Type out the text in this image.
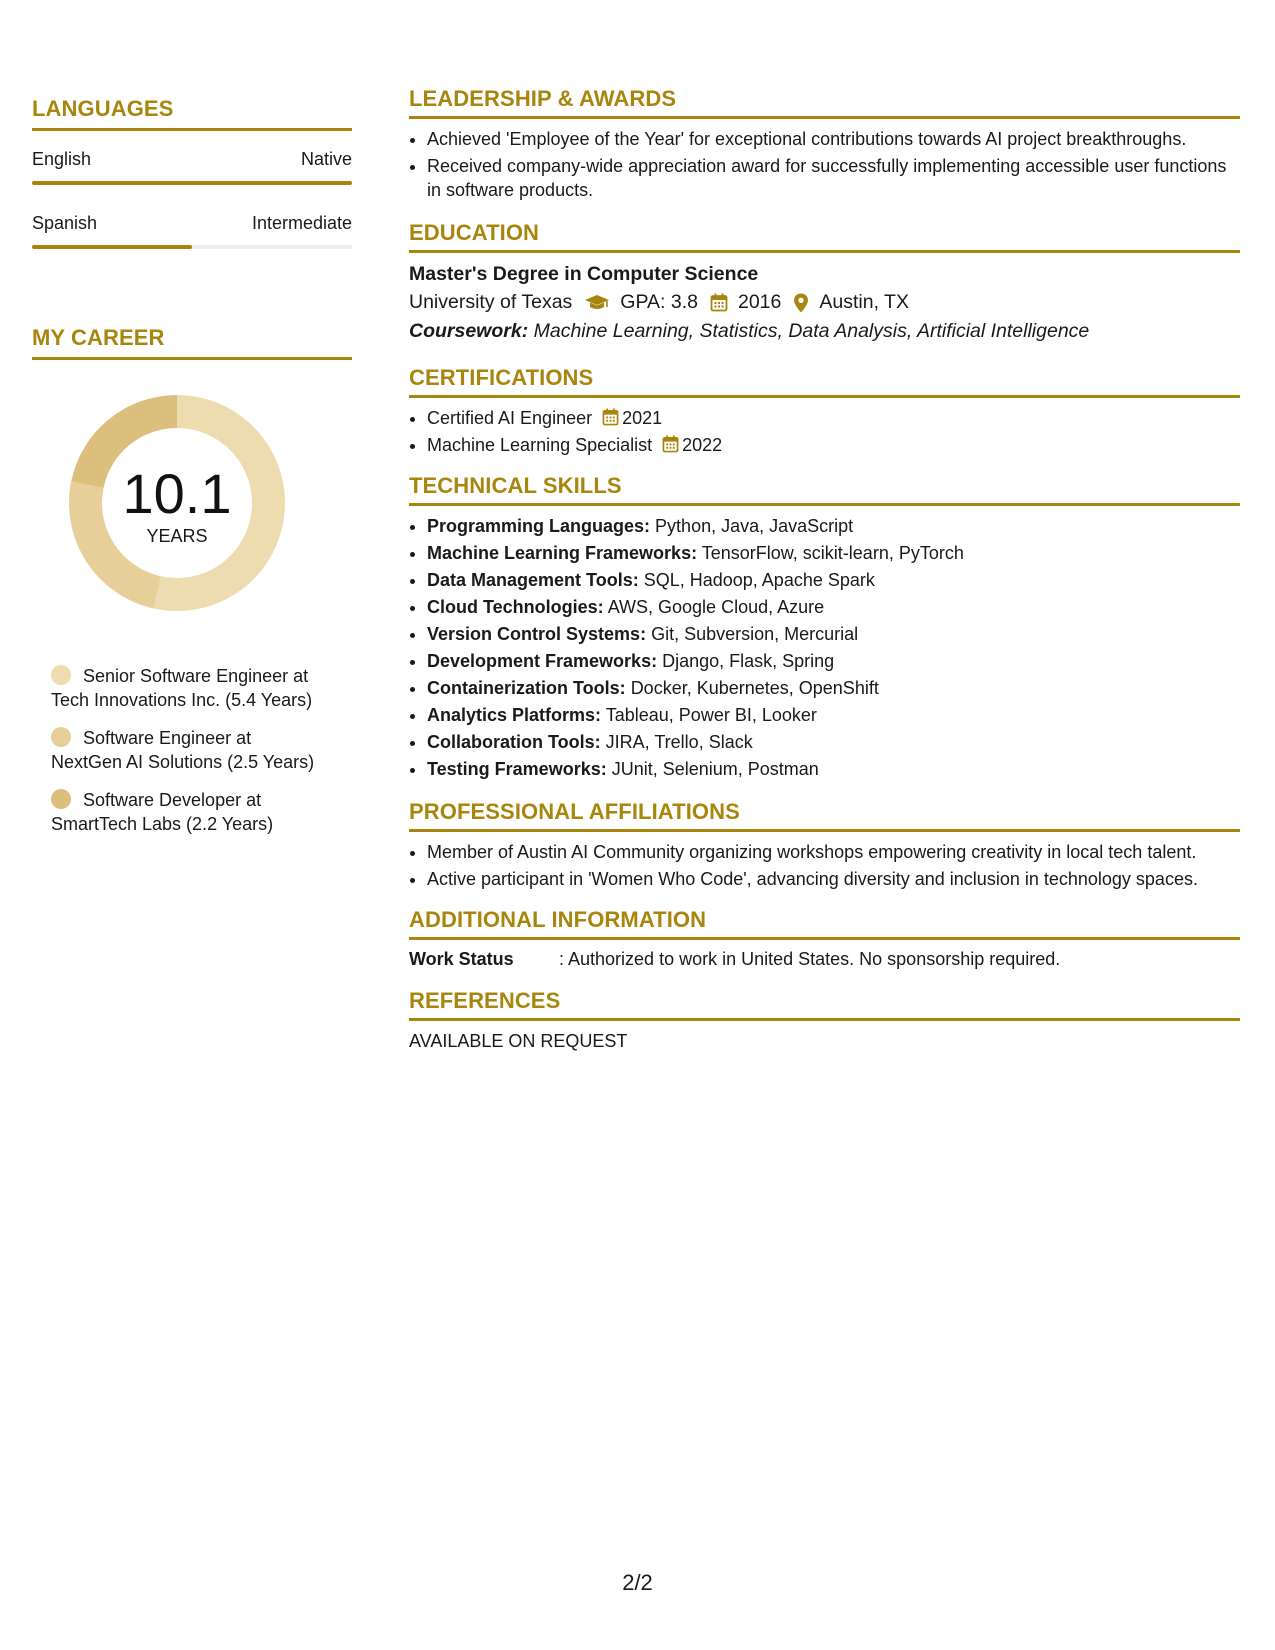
LANGUAGES
English	Native
Spanish	Intermediate
MY CAREER
10.1
YEARS
Senior Software Engineer at
Tech Innovations Inc. (5.4 Years)
Software Engineer at
NextGen AI Solutions (2.5 Years)
Software Developer at
SmartTech Labs (2.2 Years)
LEADERSHIP & AWARDS
• Achieved 'Employee of the Year' for exceptional contributions towards AI project breakthroughs.
• Received company-wide appreciation award for successfully implementing accessible user functions in software products.
EDUCATION
Master's Degree in Computer Science
University of Texas GPA: 3.8 2016 Austin, TX
Coursework: Machine Learning, Statistics, Data Analysis, Artificial Intelligence
CERTIFICATIONS
• Certified AI Engineer 2021
• Machine Learning Specialist 2022
TECHNICAL SKILLS
• Programming Languages: Python, Java, JavaScript
• Machine Learning Frameworks: TensorFlow, scikit-learn, PyTorch
• Data Management Tools: SQL, Hadoop, Apache Spark
• Cloud Technologies: AWS, Google Cloud, Azure
• Version Control Systems: Git, Subversion, Mercurial
• Development Frameworks: Django, Flask, Spring
• Containerization Tools: Docker, Kubernetes, OpenShift
• Analytics Platforms: Tableau, Power BI, Looker
• Collaboration Tools: JIRA, Trello, Slack
• Testing Frameworks: JUnit, Selenium, Postman
PROFESSIONAL AFFILIATIONS
• Member of Austin AI Community organizing workshops empowering creativity in local tech talent.
• Active participant in 'Women Who Code', advancing diversity and inclusion in technology spaces.
ADDITIONAL INFORMATION
Work Status	: Authorized to work in United States. No sponsorship required.
REFERENCES
AVAILABLE ON REQUEST
2/2
